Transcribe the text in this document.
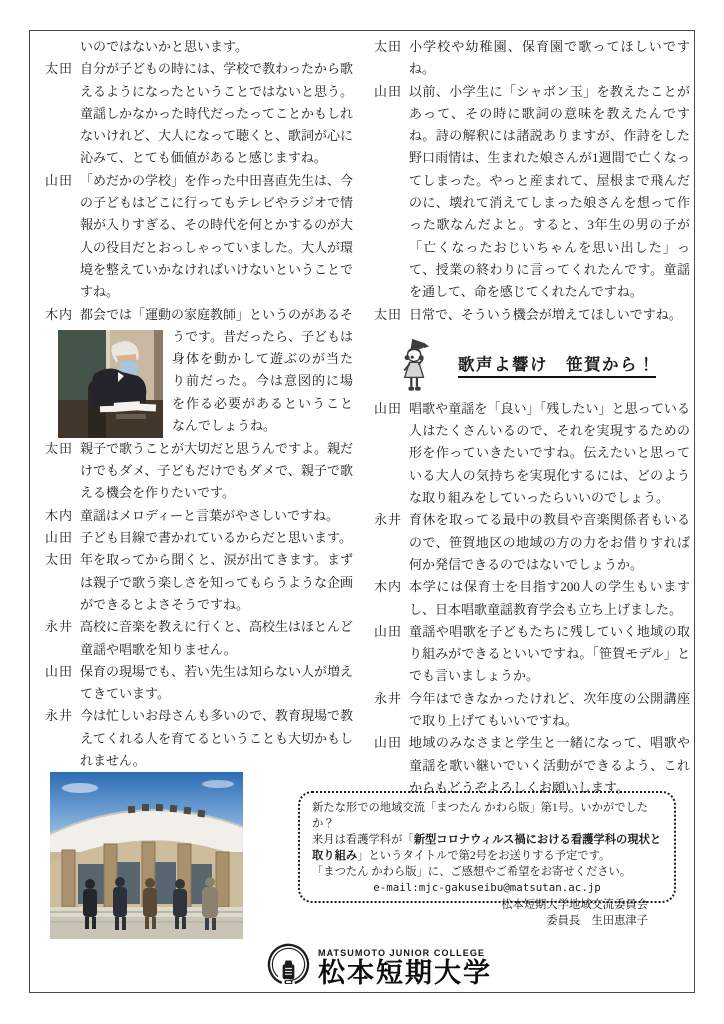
いのではないかと思います。
太田 自分が子どもの時には、学校で教わったから歌えるようになったということではないと思う。童謡しかなかった時代だったってことかもしれないけれど、大人になって聴くと、歌詞が心に沁みて、とても価値があると感じますね。
山田 「めだかの学校」を作った中田喜直先生は、今の子どもはどこに行ってもテレビやラジオで情報が入りすぎる、その時代を何とかするのが大人の役目だとおっしゃっていました。大人が環境を整えていかなければいけないということですね。
木内 都会では「運動の家庭教師」というのがあるそ
うです。昔だったら、子どもは身体を動かして遊ぶのが当たり前だった。今は意図的に場を作る必要があるということなんでしょうね。
太田 親子で歌うことが大切だと思うんですよ。親だけでもダメ、子どもだけでもダメで、親子で歌える機会を作りたいです。
木内 童謡はメロディーと言葉がやさしいですね。
山田 子ども目線で書かれているからだと思います。
太田 年を取ってから聞くと、涙が出てきます。まずは親子で歌う楽しさを知ってもらうような企画ができるとよさそうですね。
永井 高校に音楽を教えに行くと、高校生はほとんど童謡や唱歌を知りません。
山田 保育の現場でも、若い先生は知らない人が増えてきています。
永井 今は忙しいお母さんも多いので、教育現場で教えてくれる人を育てるということも大切かもしれません。
太田 小学校や幼稚園、保育園で歌ってほしいですね。
山田 以前、小学生に「シャボン玉」を教えたことがあって、その時に歌詞の意味を教えたんですね。詩の解釈には諸説ありますが、作詩をした野口雨情は、生まれた娘さんが1週間で亡くなってしまった。やっと産まれて、屋根まで飛んだのに、壊れて消えてしまった娘さんを想って作った歌なんだよと。すると、3年生の男の子が「亡くなったおじいちゃんを思い出した」って、授業の終わりに言ってくれたんです。童謡を通して、命を感じてくれたんですね。
太田 日常で、そういう機会が増えてほしいですね。
歌声よ響け　笹賀から！
山田 唱歌や童謡を「良い」「残したい」と思っている人はたくさんいるので、それを実現するための形を作っていきたいですね。伝えたいと思っている大人の気持ちを実現化するには、どのような取り組みをしていったらいいのでしょう。
永井 育休を取ってる最中の教員や音楽関係者もいるので、笹賀地区の地域の方の力をお借りすれば何か発信できるのではないでしょうか。
木内 本学には保育士を目指す200人の学生もいますし、日本唱歌童謡教育学会も立ち上げました。
山田 童謡や唱歌を子どもたちに残していく地域の取り組みができるといいですね。「笹賀モデル」とでも言いましょうか。
永井 今年はできなかったけれど、次年度の公開講座で取り上げてもいいですね。
山田 地域のみなさまと学生と一緒になって、唱歌や童謡を歌い継いでいく活動ができるよう、これからもどうぞよろしくお願いします。
新たな形での地域交流「まつたん かわら版」第1号。いかがでしたか？
来月は看護学科が「新型コロナウィルス禍における看護学科の現状と取り組み」というタイトルで第2号をお送りする予定です。
「まつたん かわら版」に、ご感想やご希望をお寄せください。
e-mail:mjc-gakuseibu@matsutan.ac.jp
松本短期大学地域交流委員会
委員長　生田恵津子
MATSUMOTO JUNIOR COLLEGE
松本短期大学
